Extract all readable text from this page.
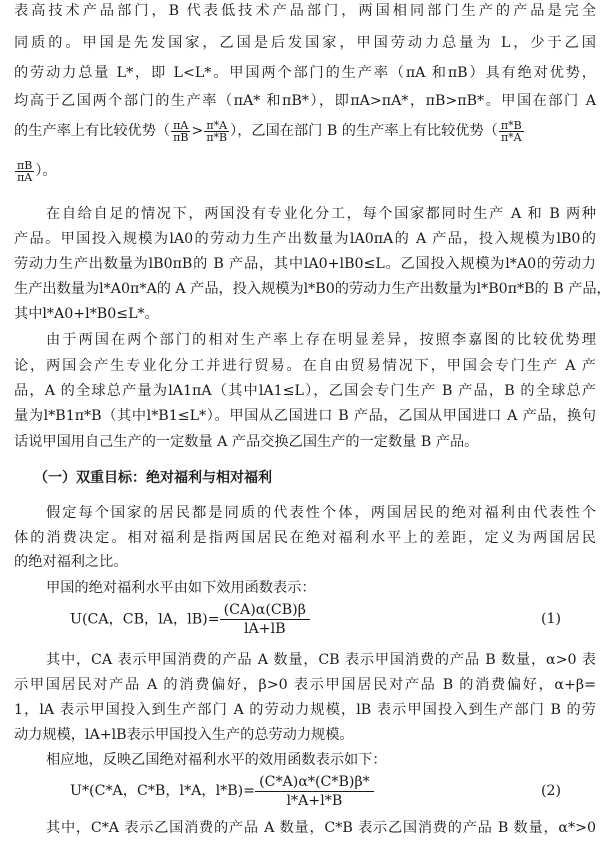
表高技术产品部门，B 代表低技术产品部门，两国相同部门生产的产品是完全
同质的。甲国是先发国家，乙国是后发国家，甲国劳动力总量为 L，少于乙国
的劳动力总量 L*，即 L<L*。甲国两个部门的生产率（πA 和πB）具有绝对优势，
均高于乙国两个部门的生产率（πA* 和πB*），即πA>πA*，πB>πB*。甲国在部门 A
的生产率上有比较优势（ $\frac{\pi A}{\pi B} > \frac{\pi*A}{\pi*B}$ ），乙国在部门 B 的生产率上有比较优势（ $\frac{\pi*B}{\pi*A}$
$\frac{\pi B}{\pi A}$ ）。
在自给自足的情况下，两国没有专业化分工，每个国家都同时生产 A 和 B 两种
产品。甲国投入规模为lA0的劳动力生产出数量为lA0πA的 A 产品，投入规模为lB0的
劳动力生产出数量为lB0πB的 B 产品，其中lA0+lB0≤L。乙国投入规模为l*A0的劳动力
生产出数量为l*A0π*A的 A 产品，投入规模为l*B0的劳动力生产出数量为l*B0π*B的 B 产品，
其中l*A0+l*B0≤L*。
由于两国在两个部门的相对生产率上存在明显差异，按照李嘉图的比较优势理
论，两国会产生专业化分工并进行贸易。在自由贸易情况下，甲国会专门生产 A 产
品，A 的全球总产量为lA1πA（其中lA1≤L），乙国会专门生产 B 产品，B 的全球总产
量为l*B1π*B（其中l*B1≤L*）。甲国从乙国进口 B 产品，乙国从甲国进口 A 产品，换句
话说甲国用自己生产的一定数量 A 产品交换乙国生产的一定数量 B 产品。
（一）双重目标：绝对福利与相对福利
假定每个国家的居民都是同质的代表性个体，两国居民的绝对福利由代表性个
体的消费决定。相对福利是指两国居民在绝对福利水平上的差距，定义为两国居民
的绝对福利之比。
甲国的绝对福利水平由如下效用函数表示：
U(CA，CB，lA，$lB)= \frac{(CA)\alpha(CB)\beta}{lA+lB}$	(1)
其中，CA 表示甲国消费的产品 A 数量，CB 表示甲国消费的产品 B 数量，α>0 表
示甲国居民对产品 A 的消费偏好，β>0 表示甲国居民对产品 B 的消费偏好，α+β=
1，lA 表示甲国投入到生产部门 A 的劳动力规模，lB 表示甲国投入到生产部门 B 的劳
动力规模，lA+lB表示甲国投入生产的总劳动力规模。
相应地，反映乙国绝对福利水平的效用函数表示如下：
U*(C*A，C*B，l*A，$l*B)= \frac{(C*A)\alpha*(C*B)\beta*}{l*A+l*B}$	(2)
其中，C*A 表示乙国消费的产品 A 数量，C*B 表示乙国消费的产品 B 数量，α*>0
